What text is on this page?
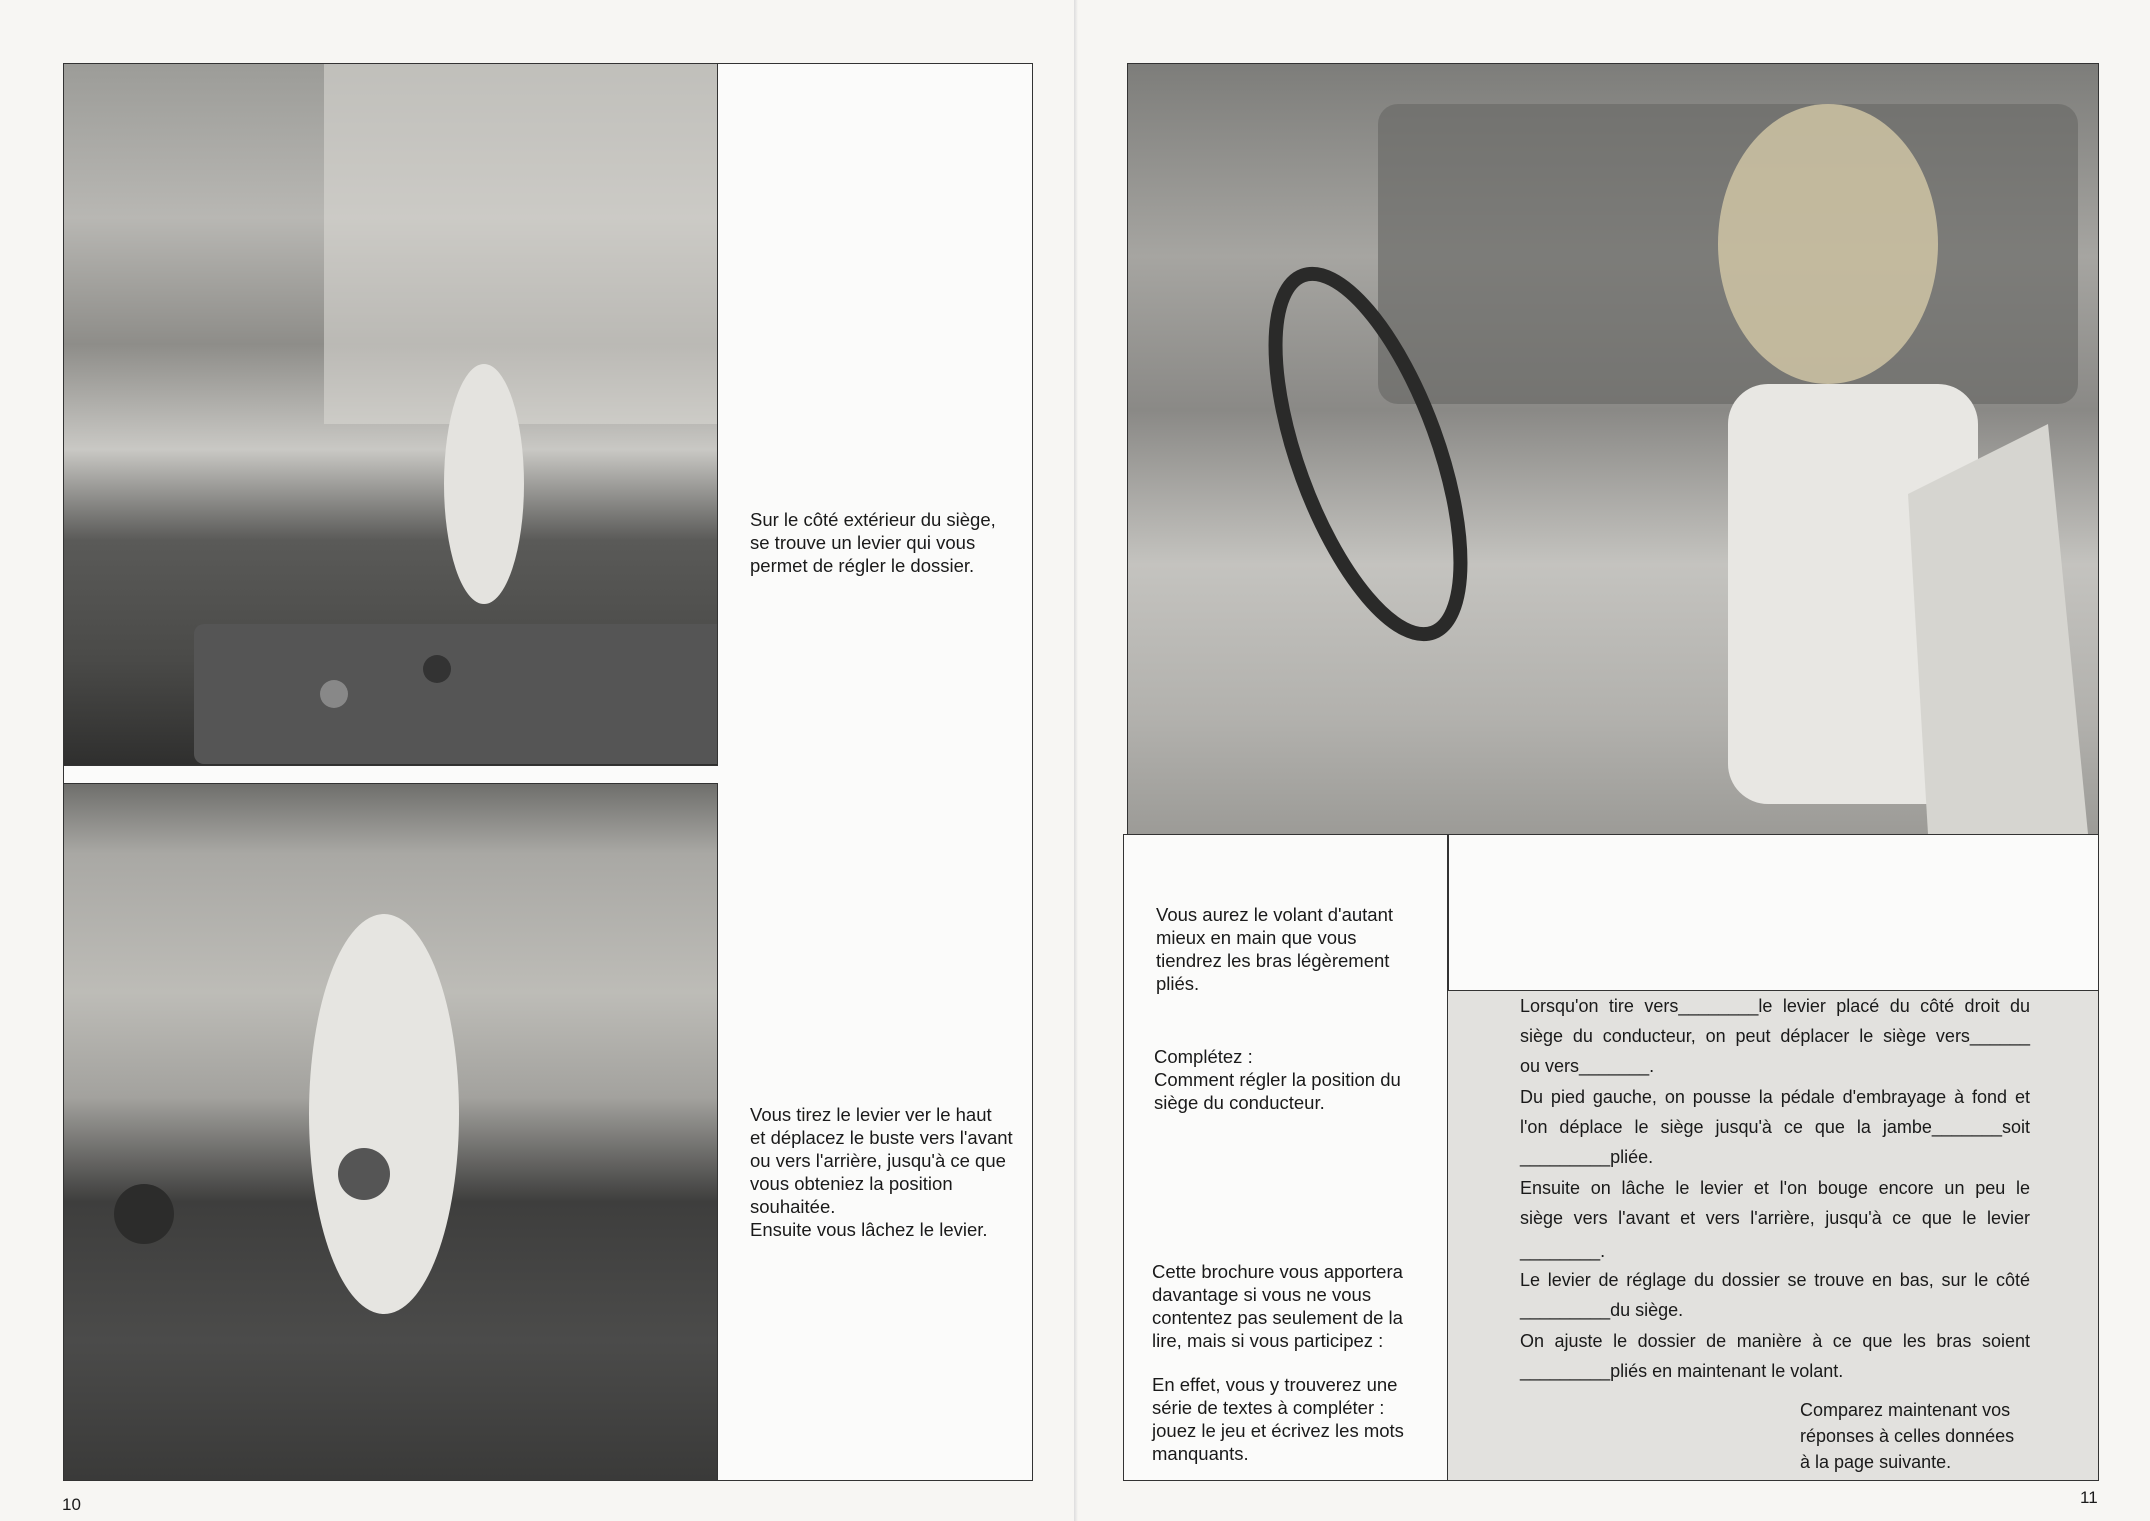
Sur le côté extérieur du siège,
se trouve un levier qui vous
permet de régler le dossier.
Vous tirez le levier ver le haut
et déplacez le buste vers l'avant
ou vers l'arrière, jusqu'à ce que
vous obteniez la position
souhaitée.
Ensuite vous lâchez le levier.
10
Vous aurez le volant d'autant
mieux en main que vous
tiendrez les bras légèrement
pliés.
Complétez :
Comment régler la position du
siège du conducteur.
Cette brochure vous apportera
davantage si vous ne vous
contentez pas seulement de la
lire, mais si vous participez :
En effet, vous y trouverez une
série de textes à compléter :
jouez le jeu et écrivez les mots
manquants.
Lorsqu'on tire vers________le levier placé du côté droit du
siège du conducteur, on peut déplacer le siège vers______
ou vers_______.
Du pied gauche, on pousse la pédale d'embrayage à fond et
l'on déplace le siège jusqu'à ce que la jambe_______soit
_________pliée.
Ensuite on lâche le levier et l'on bouge encore un peu le
siège vers l'avant et vers l'arrière, jusqu'à ce que le levier
________.
Le levier de réglage du dossier se trouve en bas, sur le côté
_________du siège.
On ajuste le dossier de manière à ce que les bras soient
_________pliés en maintenant le volant.
Comparez maintenant vos
réponses à celles données
à la page suivante.
11
